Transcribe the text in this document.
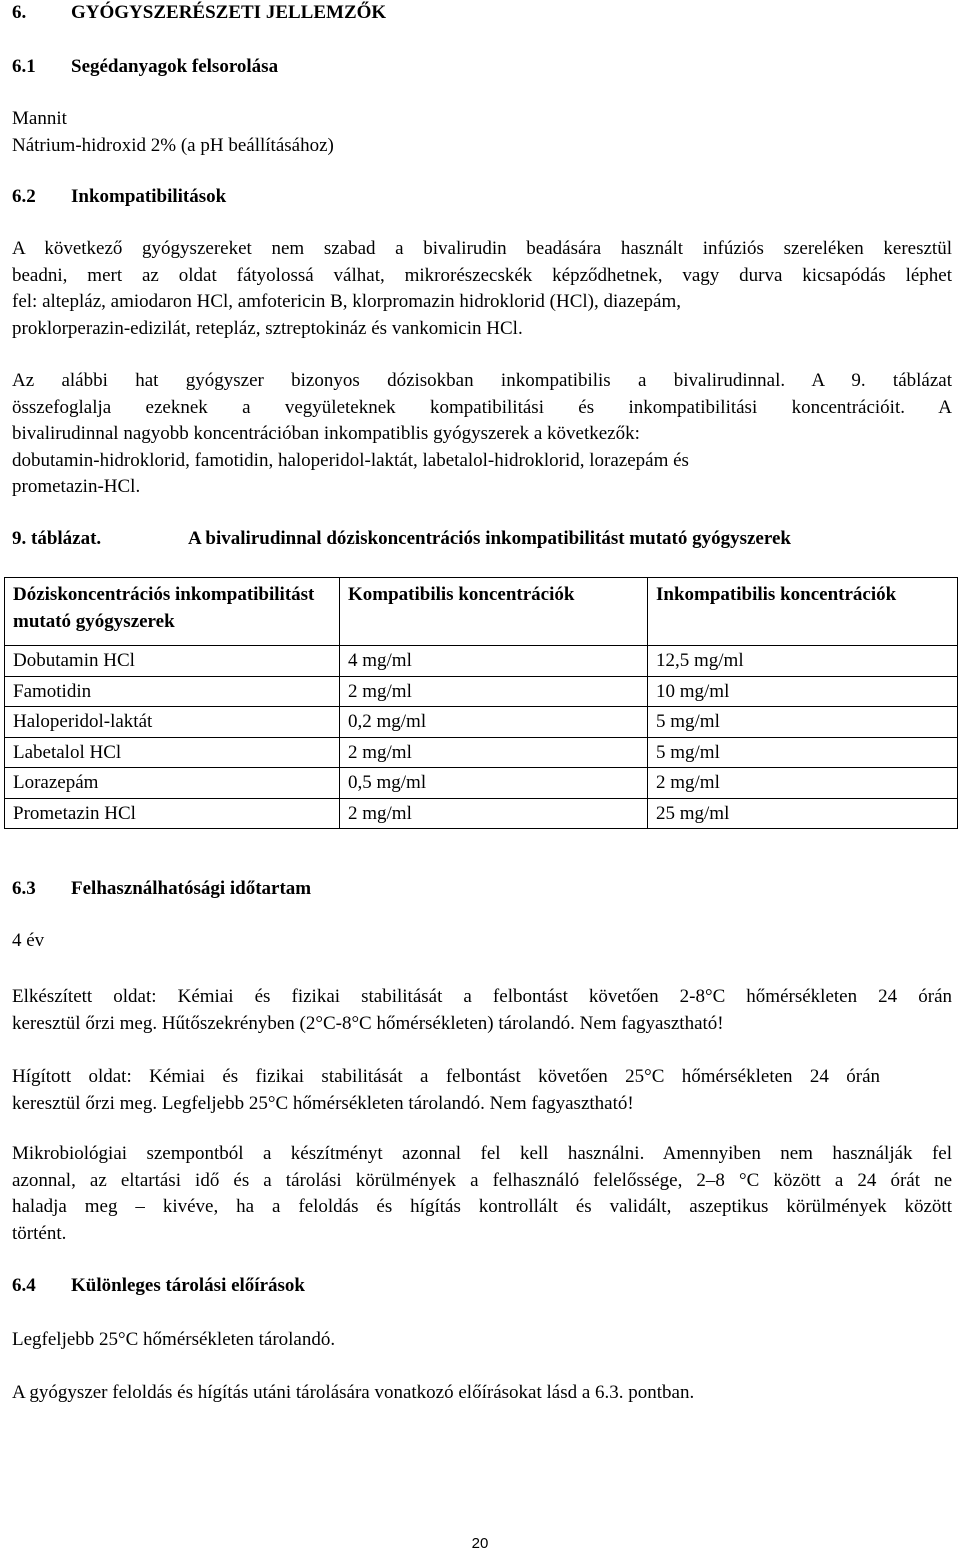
6. GYÓGYSZERÉSZETI JELLEMZŐK
6.1 Segédanyagok felsorolása
Mannit
Nátrium-hidroxid 2% (a pH beállításához)
6.2 Inkompatibilitások
A következő gyógyszereket nem szabad a bivalirudin beadására használt infúziós szereléken keresztül
beadni, mert az oldat fátyolossá válhat, mikrorészecskék képződhetnek, vagy durva kicsapódás léphet
fel: altepláz, amiodaron HCl, amfotericin B, klorpromazin hidroklorid (HCl), diazepám,
proklorperazin-edizilát, retepláz, sztreptokináz és vankomicin HCl.
Az alábbi hat gyógyszer bizonyos dózisokban inkompatibilis a bivalirudinnal. A 9. táblázat
összefoglalja ezeknek a vegyületeknek kompatibilitási és inkompatibilitási koncentrációit. A
bivalirudinnal nagyobb koncentrációban inkompatiblis gyógyszerek a következők:
dobutamin-hidroklorid, famotidin, haloperidol-laktát, labetalol-hidroklorid, lorazepám és
prometazin-HCl.
9. táblázat.	A bivalirudinnal dóziskoncentrációs inkompatibilitást mutató gyógyszerek
Dóziskoncentrációs inkompatibilitást mutató gyógyszerek	Kompatibilis koncentrációk	Inkompatibilis koncentrációk
Dobutamin HCl	4 mg/ml	12,5 mg/ml
Famotidin	2 mg/ml	10 mg/ml
Haloperidol-laktát	0,2 mg/ml	5 mg/ml
Labetalol HCl	2 mg/ml	5 mg/ml
Lorazepám	0,5 mg/ml	2 mg/ml
Prometazin HCl	2 mg/ml	25 mg/ml
6.3 Felhasználhatósági időtartam
4 év
Elkészített oldat: Kémiai és fizikai stabilitását a felbontást követően 2-8°C hőmérsékleten 24 órán
keresztül őrzi meg. Hűtőszekrényben (2°C-8°C hőmérsékleten) tárolandó. Nem fagyasztható!
Hígított oldat: Kémiai és fizikai stabilitását a felbontást követően 25°C hőmérsékleten 24 órán
keresztül őrzi meg. Legfeljebb 25°C hőmérsékleten tárolandó. Nem fagyasztható!
Mikrobiológiai szempontból a készítményt azonnal fel kell használni. Amennyiben nem használják fel
azonnal, az eltartási idő és a tárolási körülmények a felhasználó felelőssége, 2–8 °C között a 24 órát ne
haladja meg – kivéve, ha a feloldás és hígítás kontrollált és validált, aszeptikus körülmények között
történt.
6.4 Különleges tárolási előírások
Legfeljebb 25°C hőmérsékleten tárolandó.
A gyógyszer feloldás és hígítás utáni tárolására vonatkozó előírásokat lásd a 6.3. pontban.
20
